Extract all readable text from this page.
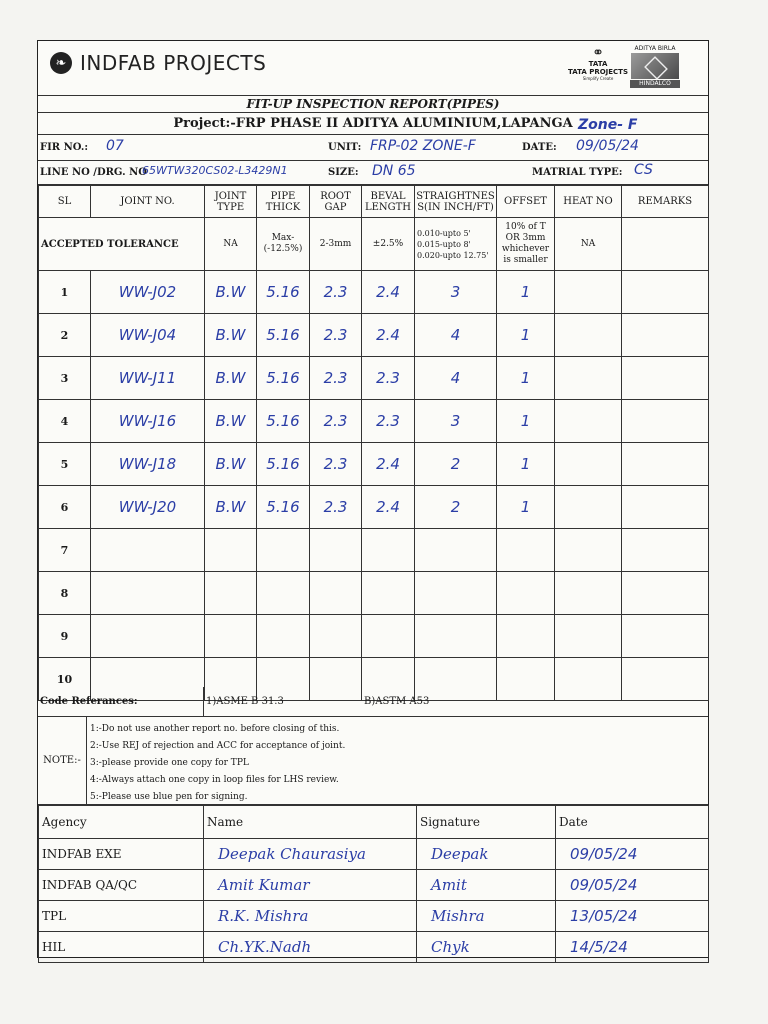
❧ INDFAB PROJECTS	⚭
TATA
TATA PROJECTS
Simplify Create
ADITYA BIRLA
HINDALCO
FIT-UP INSPECTION REPORT(PIPES)
Project:-FRP PHASE II ADITYA ALUMINIUM,LAPANGA Zone- F
FIR NO.: 07	UNIT: FRP-02 ZONE-F	DATE: 09/05/24
LINE NO /DRG. NO
65WTW320CS02-L3429N1	SIZE: DN 65	MATRIAL TYPE: CS
SL	JOINT NO.	JOINT TYPE	PIPE THICK	ROOT GAP	BEVAL LENGTH	STRAIGHTNES S(IN INCH/FT)	OFFSET	HEAT NO	REMARKS
ACCEPTED TOLERANCE		NA	Max-(-12.5%)	2-3mm	±2.5%	0.010-upto 5'
0.015-upto 8'
0.020-upto 12.75'	10% of T OR 3mm whichever is smaller	NA	
1	WW-J02	B.W	5.16	2.3	2.4	3	1		
2	WW-J04	B.W	5.16	2.3	2.4	4	1		
3	WW-J11	B.W	5.16	2.3	2.3	4	1		
4	WW-J16	B.W	5.16	2.3	2.3	3	1		
5	WW-J18	B.W	5.16	2.3	2.4	2	1		
6	WW-J20	B.W	5.16	2.3	2.4	2	1		
7									
8									
9									
10									
Code Referances:	1)ASME B 31.3	B)ASTM A53
NOTE:-
1:-Do not use another report no. before closing of this.
2:-Use REJ of rejection and ACC for acceptance of joint.
3:-please provide one copy for TPL
4:-Always attach one copy in loop files for LHS review.
5:-Please use blue pen for signing.
Agency	Name	Signature	Date
INDFAB EXE	Deepak Chaurasiya	Deepak	09/05/24
INDFAB QA/QC	Amit Kumar	Amit	09/05/24
TPL	R.K. Mishra	Mishra	13/05/24
HIL	Ch.YK.Nadh	Chyk	14/5/24
